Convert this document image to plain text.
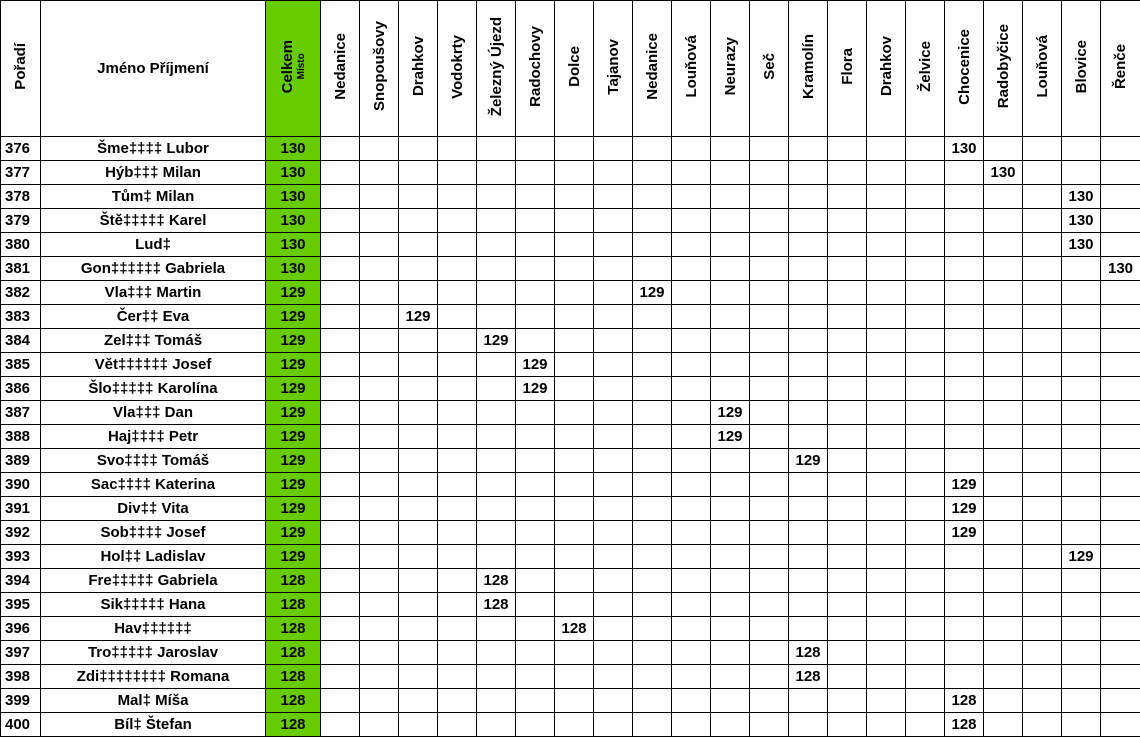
Pořadí	Jméno Příjmení	Celkem Místo	Nedanice	Snopoušovy	Drahkov	Vodokrty	Železný Újezd	Radochovy	Dolce	Tajanov	Nedanice	Louňová	Neurazy	Seč	Kramolín	Flora	Drahkov	Želvice	Chocenice	Radobyčice	Louňová	Blovice	Řenče
376	Šme‡‡‡‡ Lubor	130																	130				
377	Hýb‡‡‡ Milan	130																		130			
378	Tům‡ Milan	130																				130	
379	Ště‡‡‡‡‡ Karel	130																				130	
380	Lud‡	130																				130	
381	Gon‡‡‡‡‡‡ Gabriela	130																					130
382	Vla‡‡‡ Martin	129									129												
383	Čer‡‡ Eva	129			129																		
384	Zel‡‡‡ Tomáš	129					129																
385	Vět‡‡‡‡‡‡ Josef	129						129															
386	Šlo‡‡‡‡‡ Karolína	129						129															
387	Vla‡‡‡ Dan	129											129										
388	Haj‡‡‡‡ Petr	129											129										
389	Svo‡‡‡‡ Tomáš	129													129								
390	Sac‡‡‡‡ Katerina	129																	129				
391	Div‡‡ Vita	129																	129				
392	Sob‡‡‡‡ Josef	129																	129				
393	Hol‡‡ Ladislav	129																				129	
394	Fre‡‡‡‡‡ Gabriela	128					128																
395	Sik‡‡‡‡‡ Hana	128					128																
396	Hav‡‡‡‡‡‡	128							128														
397	Tro‡‡‡‡‡ Jaroslav	128													128								
398	Zdi‡‡‡‡‡‡‡‡ Romana	128													128								
399	Mal‡ Míša	128																	128				
400	Bíl‡ Štefan	128																	128				
